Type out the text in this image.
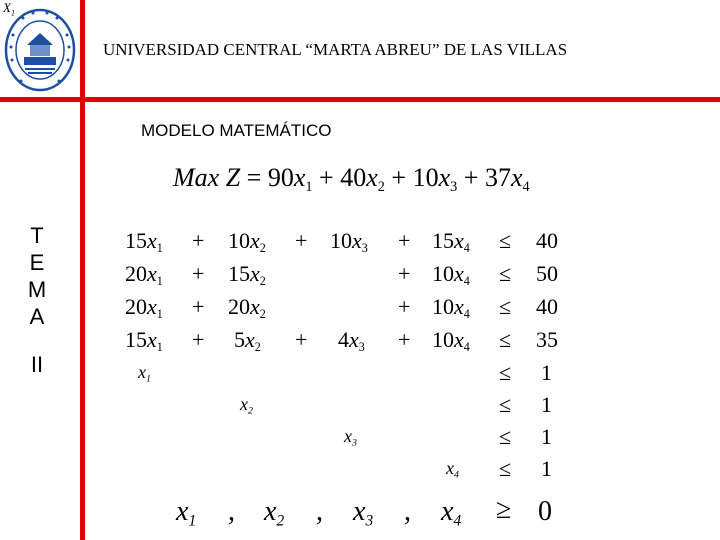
$X_1$
UNIVERSIDAD CENTRAL “MARTA ABREU” DE LAS VILLAS
MODELO MATEMÁTICO
T
E
M
A
II
Max $Z = 90x_1 + 40x_2 + 10x_3 + 37x_4$
$15x_1 + 10x_2 + 10x_3 + 15x_4 \le 40$
$20x_1 + 15x_2$	+ $10x_4 \le 50$
$20x_1 + 20x_2$	+ $10x_4 \le 40$
$15x_1 + 5x_2 + 4x_3 + 10x_4 \le 35$
$x_1$	≤ 1
$x_2$	≤ 1
$x_3$	≤ 1
$x_4 \le 1$
$x_1$ , $x_2$ , $x_3$ , $x_4 \ge 0$
